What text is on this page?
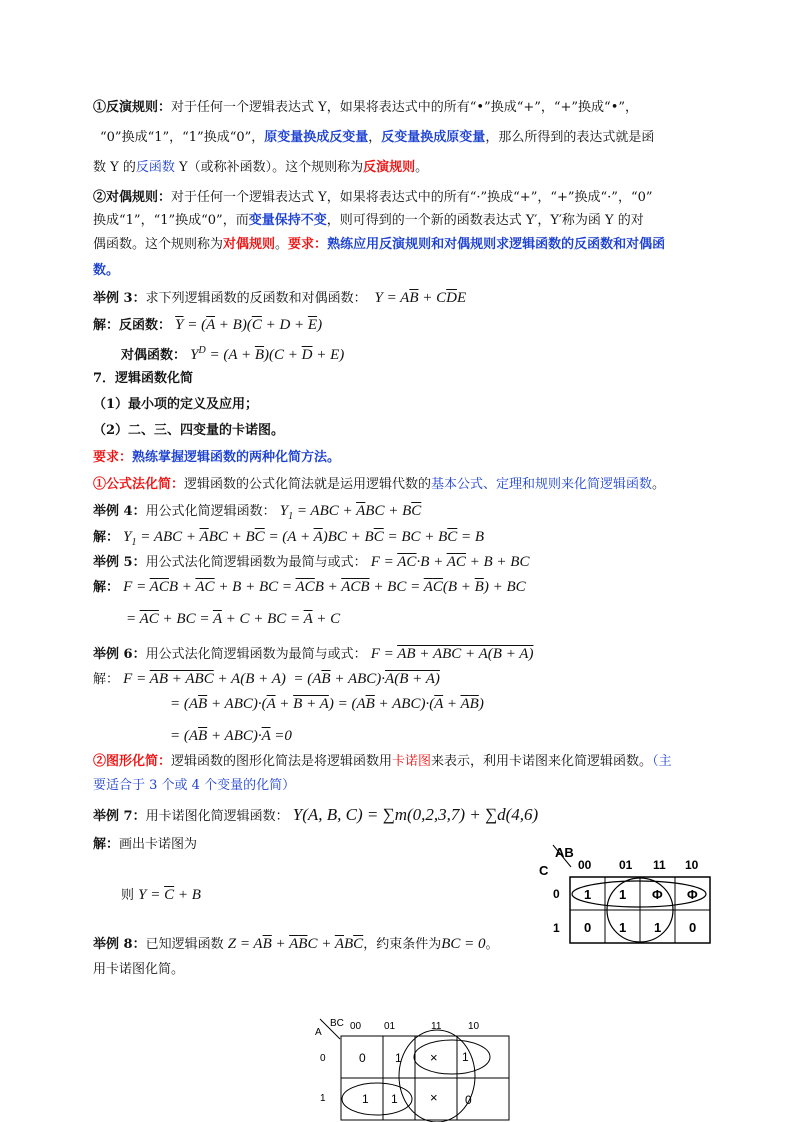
①反演规则：对于任何一个逻辑表达式 Y，如果将表达式中的所有“•”换成“+”，“+”换成“•”，
“0”换成“1”，“1”换成“0”，原变量换成反变量，反变量换成原变量，那么所得到的表达式就是函
数 Y 的反函数 Y（或称补函数）。这个规则称为反演规则。
②对偶规则：对于任何一个逻辑表达式 Y，如果将表达式中的所有“·”换成“+”，“+”换成“·”，“0”
换成“1”，“1”换成“0”，而变量保持不变，则可得到的一个新的函数表达式 Y′，Y′称为函 Y 的对
偶函数。这个规则称为对偶规则。要求：熟练应用反演规则和对偶规则求逻辑函数的反函数和对偶函
数。
举例 3：求下列逻辑函数的反函数和对偶函数：  $Y = A\overline{B} + C\overline{D}E$
解：反函数： $\overline{Y} = (\overline{A} + B)(\overline{C} + D + \overline{E})$
对偶函数： $Y^D = (A + \overline{B})(C + \overline{D} + E)$
7．逻辑函数化简
（1）最小项的定义及应用；
（2）二、三、四变量的卡诺图。
要求：熟练掌握逻辑函数的两种化简方法。
①公式法化简：逻辑函数的公式化简法就是运用逻辑代数的基本公式、定理和规则来化简逻辑函数。
举例 4：用公式化简逻辑函数： $Y_1$ = ABC + $\overline{A}BC + B\overline{C}$
解： $Y_1$ = ABC + $\overline{A}BC + B\overline{C} = (A + \overline{A})BC + B\overline{C}$ = BC + $B\overline{C} = B$
举例 5：用公式法化简逻辑函数为最简与或式： F = AC·B + AC + B + BC
解： F = ACB + AC + B + BC = ACB + $AC\overline{B}$ + BC = $AC(B + \overline{B})$ + BC
= AC + BC = $\overline{A} + C$ + BC = $\overline{A} + C$
举例 6：用公式法化简逻辑函数为最简与或式： F = AB + ABC + A(B + A)
解： F = AB + ABC + $A(B + A) = (A\overline{B} + ABC)\cdot A(B + A)$
= $(A\overline{B} + ABC)\cdot(\overline{A} + B + A) = (A\overline{B} + ABC)\cdot(\overline{A} + \overline{A}\overline{B})$
= $(A\overline{B} + ABC)\cdot\overline{A} =0$
②图形化简：逻辑函数的图形化简法是将逻辑函数用卡诺图来表示，利用卡诺图来化简逻辑函数。（主
要适合于 3 个或 4 个变量的化简）
举例 7：用卡诺图化简逻辑函数： Y(A, B, C) = ∑m(0,2,3,7) + ∑d(4,6)
解：画出卡诺图为
则 $Y = \overline{C} + B$
AB
C 00 01 11 10
0
1
1 1 Φ Φ
0 1 1 0
举例 8：已知逻辑函数 $Z = A\overline{B} + \overline{A}\overline{B}C + \overline{A}B\overline{C}$，约束条件为BC = 0。
用卡诺图化简。
BC
A
00 01	11	10
0
1
0 1 × 1
1 1 × 0
